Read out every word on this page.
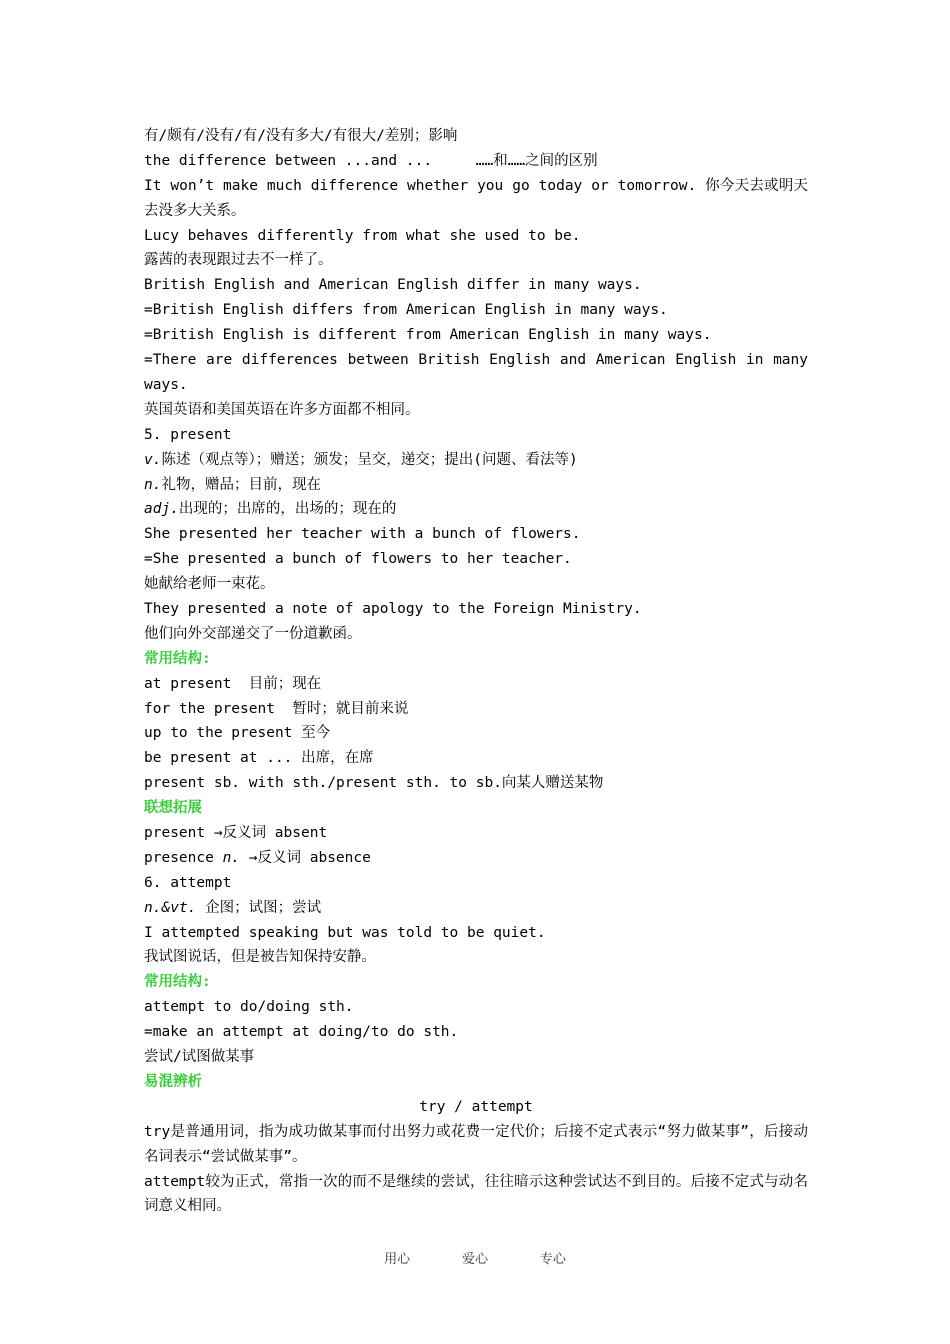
有/颇有/没有/有/没有多大/有很大/差别；影响
the difference between ...and ...     ……和……之间的区别
It won’t make much difference whether you go today or tomorrow. 你今天去或明天去没多大关系。
Lucy behaves differently from what she used to be.
露茜的表现跟过去不一样了。
British English and American English differ in many ways.
=British English differs from American English in many ways.
=British English is different from American English in many ways.
=There are differences between British English and American English in many ways.
英国英语和美国英语在许多方面都不相同。
5. present
v.陈述（观点等）；赠送；颁发；呈交，递交；提出(问题、看法等)
n.礼物，赠品；目前，现在
adj.出现的；出席的，出场的；现在的
She presented her teacher with a bunch of flowers.
=She presented a bunch of flowers to her teacher.
她献给老师一束花。
They presented a note of apology to the Foreign Ministry.
他们向外交部递交了一份道歉函。
常用结构:
at present  目前；现在
for the present  暂时；就目前来说
up to the present 至今
be present at ... 出席，在席
present sb. with sth./present sth. to sb.向某人赠送某物
联想拓展
present →反义词 absent
presence n. →反义词 absence
6. attempt
n.&vt. 企图；试图；尝试
I attempted speaking but was told to be quiet.
我试图说话，但是被告知保持安静。
常用结构:
attempt to do/doing sth.
=make an attempt at doing/to do sth.
尝试/试图做某事
易混辨析
try / attempt
try是普通用词，指为成功做某事而付出努力或花费一定代价；后接不定式表示“努力做某事”，后接动名词表示“尝试做某事”。
attempt较为正式，常指一次的而不是继续的尝试，往往暗示这种尝试达不到目的。后接不定式与动名词意义相同。
用心	爱心	专心
